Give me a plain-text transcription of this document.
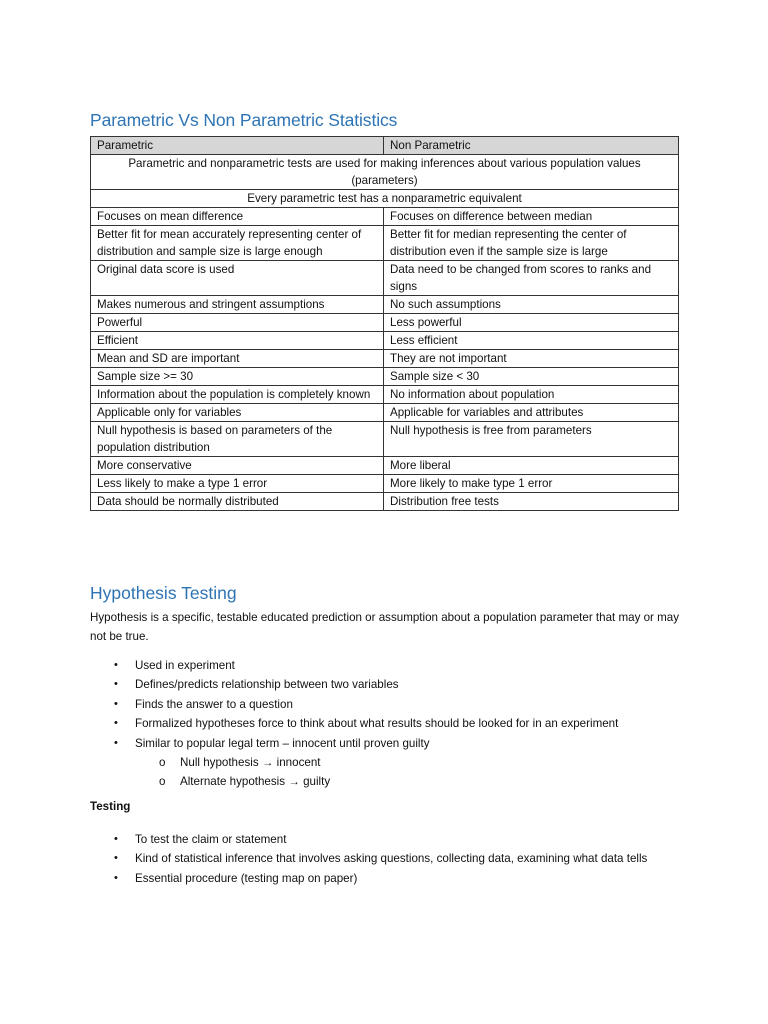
Parametric Vs Non Parametric Statistics
Parametric	Non Parametric
Parametric and nonparametric tests are used for making inferences about various population values (parameters)	
Every parametric test has a nonparametric equivalent	
Focuses on mean difference	Focuses on difference between median
Better fit for mean accurately representing center of distribution and sample size is large enough	Better fit for median representing the center of distribution even if the sample size is large
Original data score is used	Data need to be changed from scores to ranks and signs
Makes numerous and stringent assumptions	No such assumptions
Powerful	Less powerful
Efficient	Less efficient
Mean and SD are important	They are not important
Sample size >= 30	Sample size < 30
Information about the population is completely known	No information about population
Applicable only for variables	Applicable for variables and attributes
Null hypothesis is based on parameters of the population distribution	Null hypothesis is free from parameters
More conservative	More liberal
Less likely to make a type 1 error	More likely to make type 1 error
Data should be normally distributed	Distribution free tests
Hypothesis Testing
Hypothesis is a specific, testable educated prediction or assumption about a population parameter that may or may not be true.
• Used in experiment
• Defines/predicts relationship between two variables
• Finds the answer to a question
• Formalized hypotheses force to think about what results should be looked for in an experiment
• Similar to popular legal term – innocent until proven guilty
o Null hypothesis → innocent
o Alternate hypothesis → guilty
Testing
• To test the claim or statement
• Kind of statistical inference that involves asking questions, collecting data, examining what data tells
• Essential procedure (testing map on paper)
